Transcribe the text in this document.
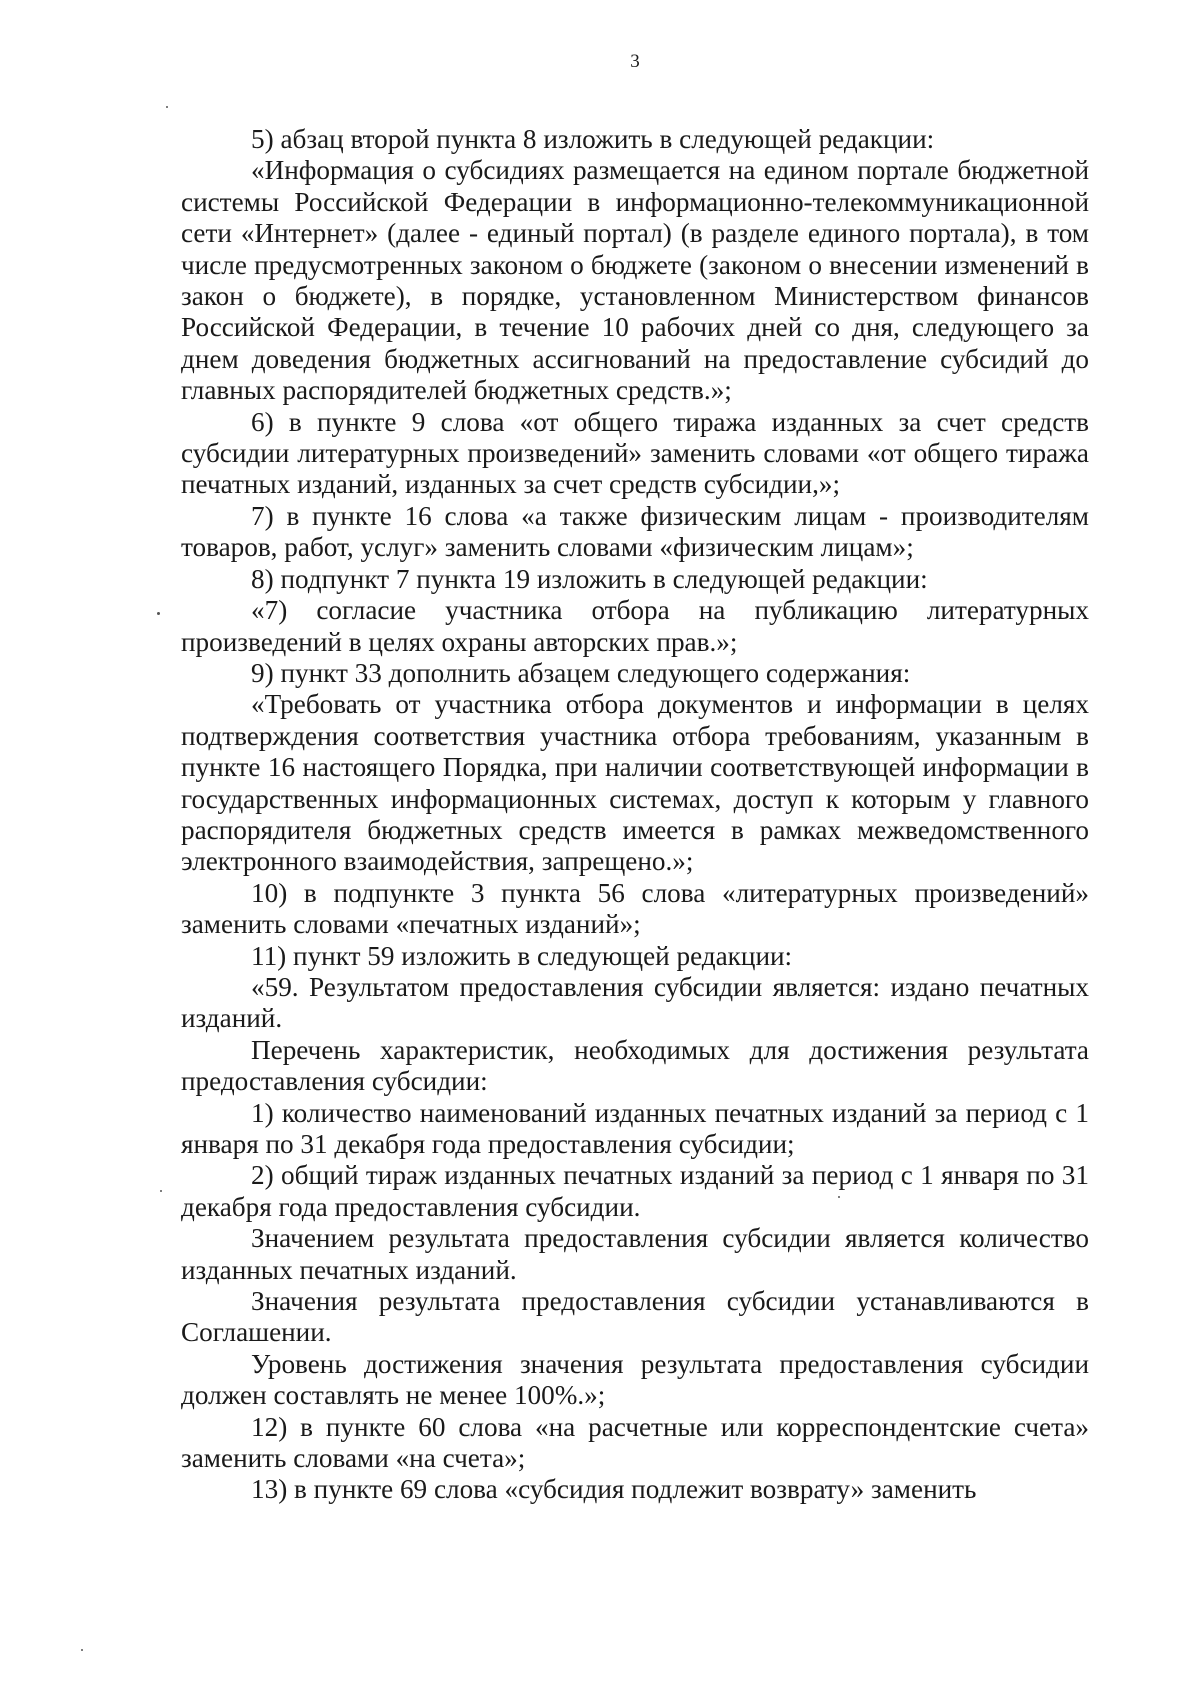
3

5) абзац второй пункта 8 изложить в следующей редакции:

«Информация о субсидиях размещается на едином портале бюджетной системы Российской Федерации в информационно-телекоммуникационной сети «Интернет» (далее - единый портал) (в разделе единого портала), в том числе предусмотренных законом о бюджете (законом о внесении изменений в закон о бюджете), в порядке, установленном Министерством финансов Российской Федерации, в течение 10 рабочих дней со дня, следующего за днем доведения бюджетных ассигнований на предоставление субсидий до главных распорядителей бюджетных средств.»;

6) в пункте 9 слова «от общего тиража изданных за счет средств субсидии литературных произведений» заменить словами «от общего тиража печатных изданий, изданных за счет средств субсидии,»;

7) в пункте 16 слова «а также физическим лицам - производителям товаров, работ, услуг» заменить словами «физическим лицам»;

8) подпункт 7 пункта 19 изложить в следующей редакции:

«7) согласие участника отбора на публикацию литературных произведений в целях охраны авторских прав.»;

9) пункт 33 дополнить абзацем следующего содержания:

«Требовать от участника отбора документов и информации в целях подтверждения соответствия участника отбора требованиям, указанным в пункте 16 настоящего Порядка, при наличии соответствующей информации в государственных информационных системах, доступ к которым у главного распорядителя бюджетных средств имеется в рамках межведомственного электронного взаимодействия, запрещено.»;

10) в подпункте 3 пункта 56 слова «литературных произведений» заменить словами «печатных изданий»;

11) пункт 59 изложить в следующей редакции:

«59. Результатом предоставления субсидии является: издано печатных изданий.

Перечень характеристик, необходимых для достижения результата предоставления субсидии:

1) количество наименований изданных печатных изданий за период с 1 января по 31 декабря года предоставления субсидии;

2) общий тираж изданных печатных изданий за период с 1 января по 31 декабря года предоставления субсидии.

Значением результата предоставления субсидии является количество изданных печатных изданий.

Значения результата предоставления субсидии устанавливаются в Соглашении.

Уровень достижения значения результата предоставления субсидии должен составлять не менее 100%.»;

12) в пункте 60 слова «на расчетные или корреспондентские счета» заменить словами «на счета»;

13) в пункте 69 слова «субсидия подлежит возврату» заменить
